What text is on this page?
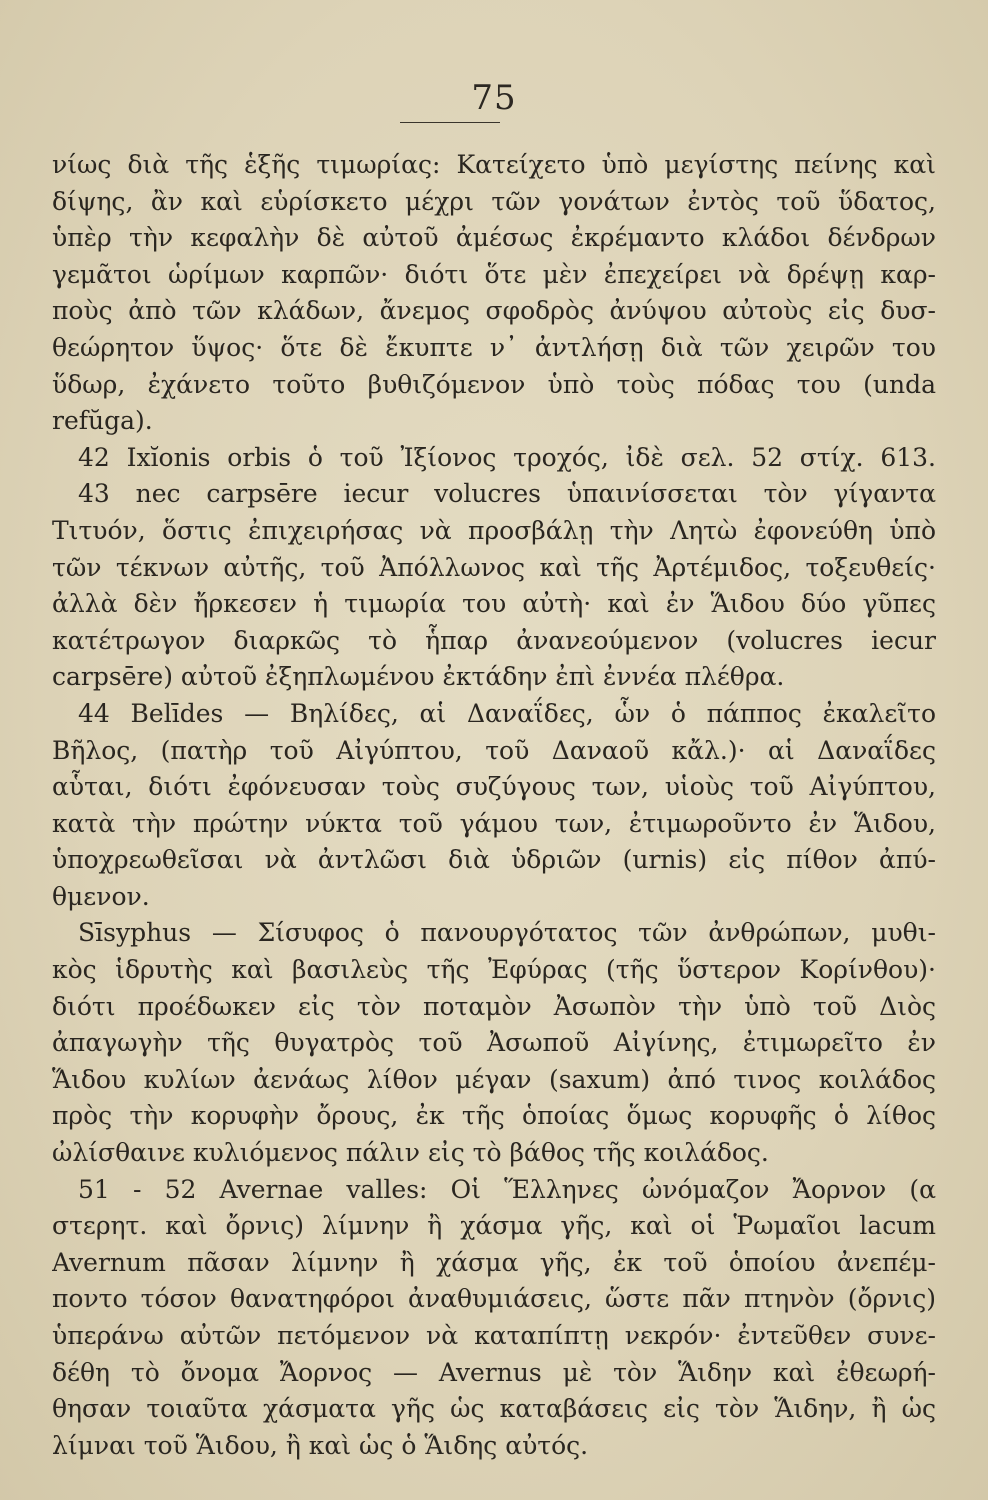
75
νίως διὰ τῆς ἑξῆς τιμωρίας: Κατείχετο ὑπὸ μεγίστης πείνης καὶ
δίψης, ἂν καὶ εὑρίσκετο μέχρι τῶν γονάτων ἐντὸς τοῦ ὕδατος,
ὑπὲρ τὴν κεφαλὴν δὲ αὐτοῦ ἀμέσως ἐκρέμαντο κλάδοι δένδρων
γεμᾶτοι ὡρίμων καρπῶν· διότι ὅτε μὲν ἐπεχείρει νὰ δρέψῃ καρ-
ποὺς ἀπὸ τῶν κλάδων, ἄνεμος σφοδρὸς ἀνύψου αὐτοὺς εἰς δυσ-
θεώρητον ὕψος· ὅτε δὲ ἔκυπτε ν᾽ ἀντλήσῃ διὰ τῶν χειρῶν του
ὕδωρ, ἐχάνετο τοῦτο βυθιζόμενον ὑπὸ τοὺς πόδας του (unda
refŭga).
42 Ixĭonis orbis ὁ τοῦ Ἰξίονος τροχός, ἰδὲ σελ. 52 στίχ. 613.
43 nec carpsēre iecur volucres ὑπαινίσσεται τὸν γίγαντα
Τιτυόν, ὅστις ἐπιχειρήσας νὰ προσβάλῃ τὴν Λητὼ ἐφονεύθη ὑπὸ
τῶν τέκνων αὐτῆς, τοῦ Ἀπόλλωνος καὶ τῆς Ἀρτέμιδος, τοξευθείς·
ἀλλὰ δὲν ἤρκεσεν ἡ τιμωρία του αὐτὴ· καὶ ἐν Ἅιδου δύο γῦπες
κατέτρωγον διαρκῶς τὸ ἧπαρ ἀνανεούμενον (volucres iecur
carpsēre) αὐτοῦ ἐξηπλωμένου ἐκτάδην ἐπὶ ἐννέα πλέθρα.
44 Belīdes — Βηλίδες, αἱ Δαναΐδες, ὧν ὁ πάππος ἐκαλεῖτο
Βῆλος, (πατὴρ τοῦ Αἰγύπτου, τοῦ Δαναοῦ κἄλ.)· αἱ Δαναΐδες
αὗται, διότι ἐφόνευσαν τοὺς συζύγους των, υἱοὺς τοῦ Αἰγύπτου,
κατὰ τὴν πρώτην νύκτα τοῦ γάμου των, ἐτιμωροῦντο ἐν Ἅιδου,
ὑποχρεωθεῖσαι νὰ ἀντλῶσι διὰ ὑδριῶν (urnis) εἰς πίθον ἀπύ-
θμενον.
Sīsyphus — Σίσυφος ὁ πανουργότατος τῶν ἀνθρώπων, μυθι-
κὸς ἱδρυτὴς καὶ βασιλεὺς τῆς Ἐφύρας (τῆς ὕστερον Κορίνθου)·
διότι προέδωκεν εἰς τὸν ποταμὸν Ἀσωπὸν τὴν ὑπὸ τοῦ Διὸς
ἀπαγωγὴν τῆς θυγατρὸς τοῦ Ἀσωποῦ Αἰγίνης, ἐτιμωρεῖτο ἐν
Ἅιδου κυλίων ἀενάως λίθον μέγαν (saxum) ἀπό τινος κοιλάδος
πρὸς τὴν κορυφὴν ὄρους, ἐκ τῆς ὁποίας ὅμως κορυφῆς ὁ λίθος
ὠλίσθαινε κυλιόμενος πάλιν εἰς τὸ βάθος τῆς κοιλάδος.
51 - 52 Avernae valles: Οἱ Ἕλληνες ὠνόμαζον Ἄορνον (α
στερητ. καὶ ὄρνις) λίμνην ἢ χάσμα γῆς, καὶ οἱ Ῥωμαῖοι lacum
Avernum πᾶσαν λίμνην ἢ χάσμα γῆς, ἐκ τοῦ ὁποίου ἀνεπέμ-
ποντο τόσον θανατηφόροι ἀναθυμιάσεις, ὥστε πᾶν πτηνὸν (ὄρνις)
ὑπεράνω αὐτῶν πετόμενον νὰ καταπίπτῃ νεκρόν· ἐντεῦθεν συνε-
δέθη τὸ ὄνομα Ἄορνος — Avernus μὲ τὸν Ἅιδην καὶ ἐθεωρή-
θησαν τοιαῦτα χάσματα γῆς ὡς καταβάσεις εἰς τὸν Ἅιδην, ἢ ὡς
λίμναι τοῦ Ἅιδου, ἢ καὶ ὡς ὁ Ἅιδης αὐτός.
